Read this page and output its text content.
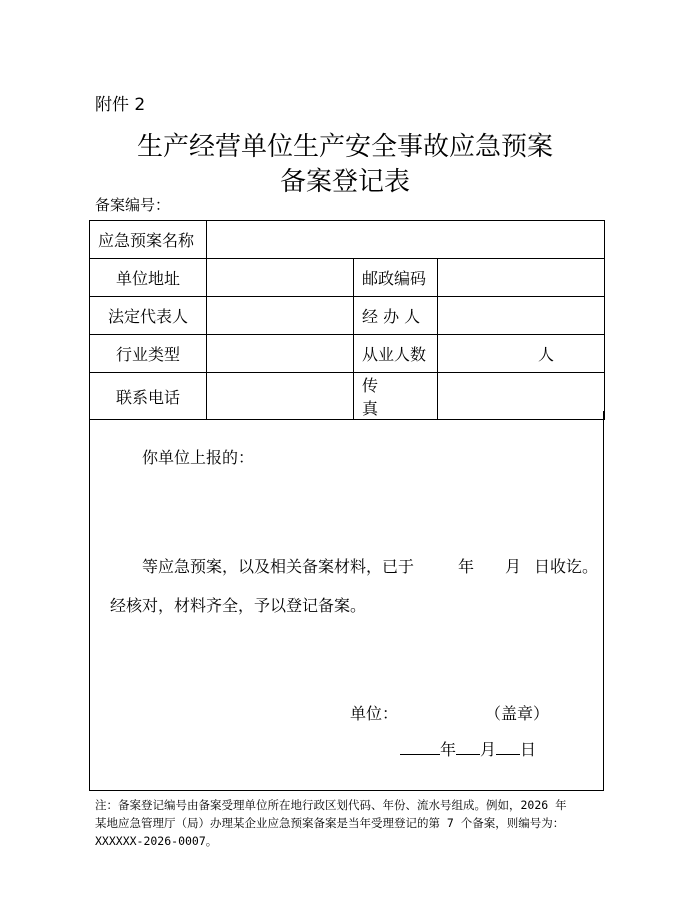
附件 2
生产经营单位生产安全事故应急预案
备案登记表
备案编号：
应急预案名称			
单位地址		邮政编码	
法定代表人		经 办 人	
行业类型		从业人数	人
联系电话		传 真	
你单位上报的：
等应急预案，以及相关备案材料，已于	年 月 日收讫。
经核对，材料齐全，予以登记备案。
单位：	（盖章）
年 月 日
注：备案登记编号由备案受理单位所在地行政区划代码、年份、流水号组成。例如，2026 年
某地应急管理厅（局）办理某企业应急预案备案是当年受理登记的第 7 个备案，则编号为：
XXXXXX-2026-0007。
